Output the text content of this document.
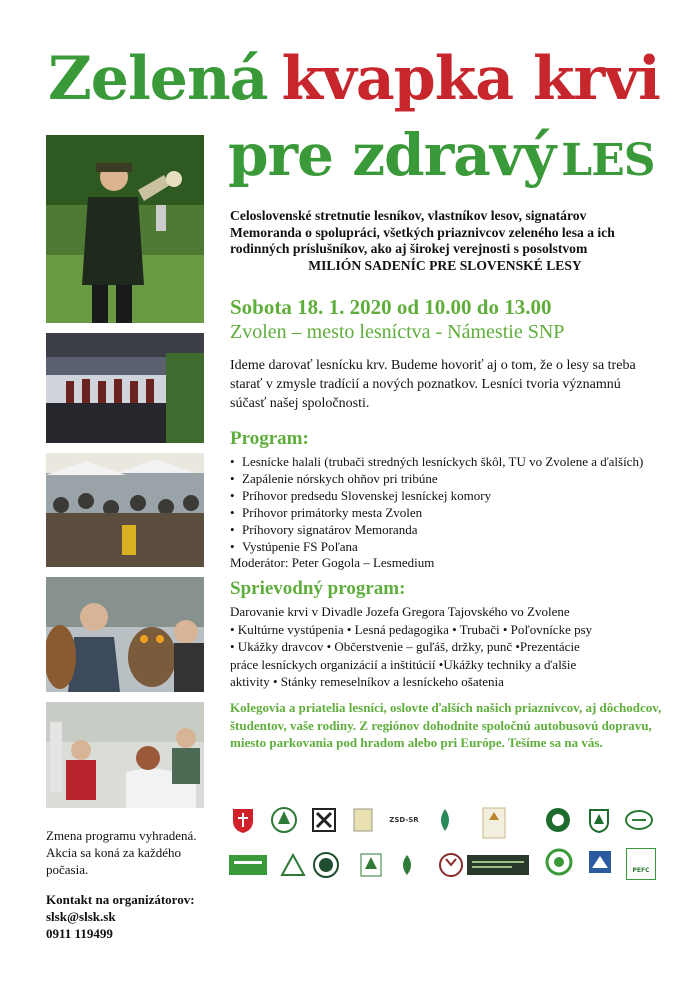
Zelená kvapka krvi
pre zdravý LES
Celoslovenské stretnutie lesníkov, vlastníkov lesov, signatárov Memoranda o spolupráci, všetkých priaznivcov zeleného lesa a ich rodinných príslušníkov, ako aj širokej verejnosti s posolstvom
MILIÓN SADENÍC PRE SLOVENSKÉ LESY
Sobota 18. 1. 2020 od 10.00 do 13.00
Zvolen – mesto lesníctva - Námestie SNP
Ideme darovať lesnícku krv. Budeme hovoriť aj o tom, že o lesy sa treba starať v zmysle tradícií a nových poznatkov. Lesníci tvoria významnú súčasť našej spoločnosti.
Program:
• Lesnícke halali (trubači stredných lesníckych škôl, TU vo Zvolene a ďalších)
• Zapálenie nórskych ohňov pri tribúne
• Príhovor predsedu Slovenskej lesníckej komory
• Príhovor primátorky mesta Zvolen
• Príhovory signatárov Memoranda
• Vystúpenie FS Poľana
Moderátor: Peter Gogola – Lesmedium
Sprievodný program:
Darovanie krvi v Divadle Jozefa Gregora Tajovského vo Zvolene
• Kultúrne vystúpenia • Lesná pedagogika • Trubači • Poľovnícke psy
• Ukážky dravcov • Občerstvenie – guľáš, držky, punč •Prezentácie
práce lesníckych organizácií a inštitúcií •Ukážky techniky a ďalšie
aktivity • Stánky remeselníkov a lesníckeho ošatenia
Kolegovia a priatelia lesníci, oslovte ďalších našich priaznivcov, aj dôchodcov, študentov, vaše rodiny. Z regiónov dohodnite spoločnú autobusovú dopravu, miesto parkovania pod hradom alebo pri Európe. Tešíme sa na vás.
Zmena programu vyhradená. Akcia sa koná za každého počasia.
Kontakt na organizátorov:
slsk@slsk.sk
0911 119499
ZSD-SR
PEFC
